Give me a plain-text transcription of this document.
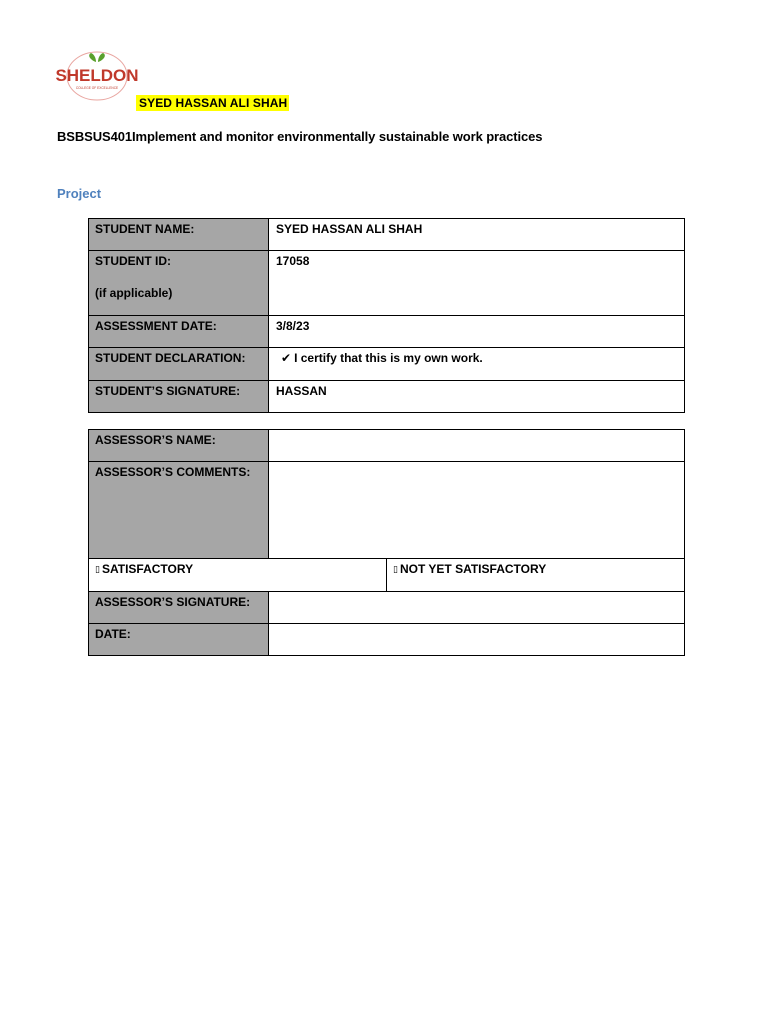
SHELDON
COLLEGE OF EXCELLENCE
SYED HASSAN ALI SHAH
BSBSUS401Implement and monitor environmentally sustainable work practices
Project
STUDENT NAME:	SYED HASSAN ALI SHAH

STUDENT ID:
(if applicable)	17058

ASSESSMENT DATE:	3/8/23

STUDENT DECLARATION:	✔ I certify that this is my own work.

STUDENT’S SIGNATURE:	HASSAN
ASSESSOR’S NAME:		

ASSESSOR’S COMMENTS:		

▯ SATISFACTORY		▯ NOT YET SATISFACTORY

ASSESSOR’S SIGNATURE:		

DATE:		
